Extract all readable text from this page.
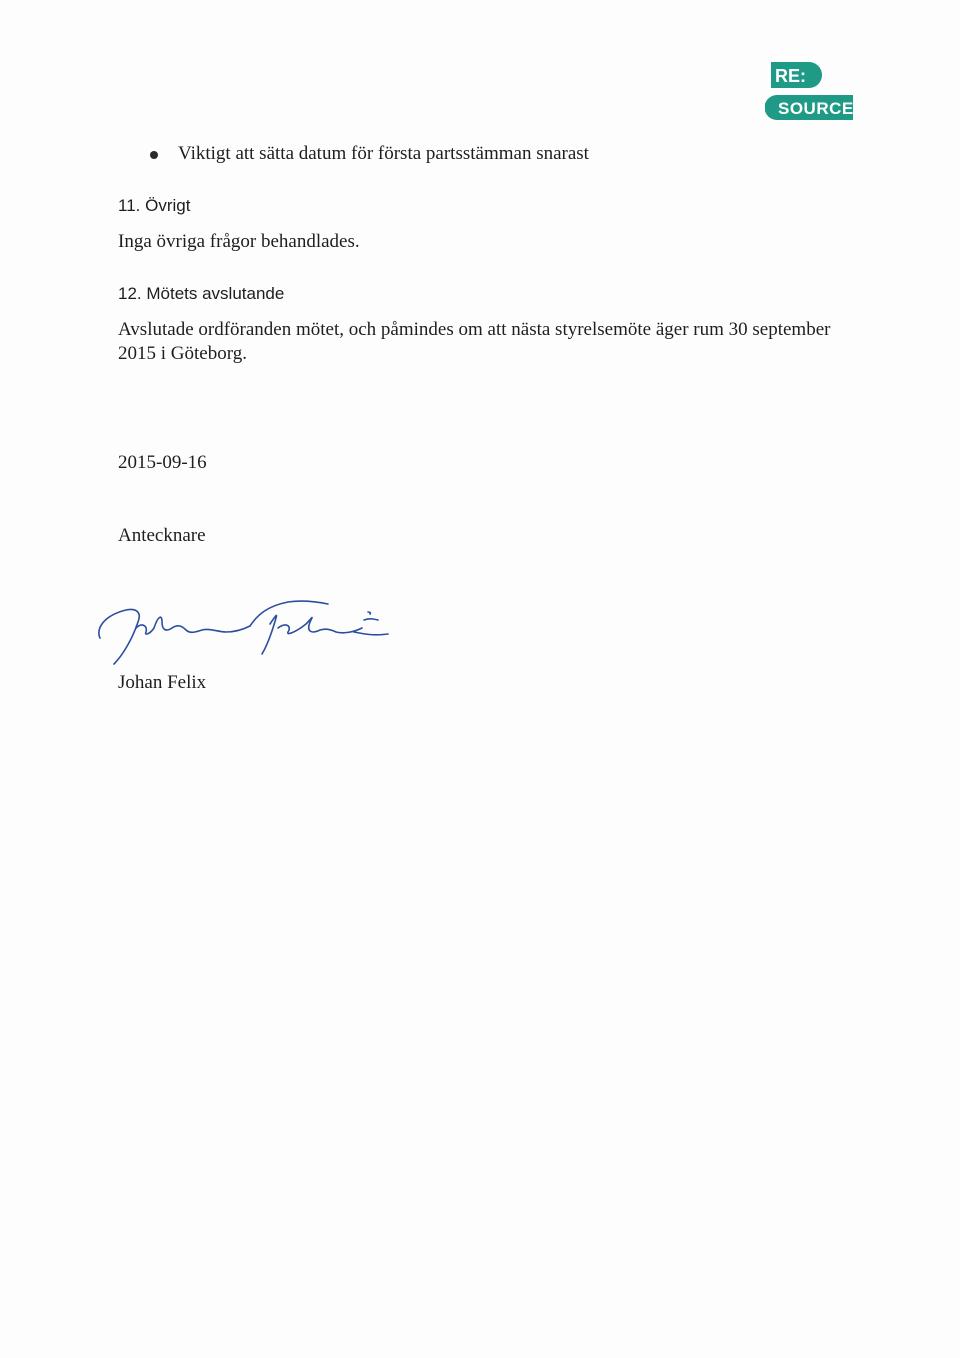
RE:
SOURCE
Viktigt att sätta datum för första partsstämman snarast
11. Övrigt
Inga övriga frågor behandlades.
12. Mötets avslutande
Avslutade ordföranden mötet, och påmindes om att nästa styrelsemöte äger rum 30 september 2015 i Göteborg.
2015-09-16
Antecknare
Johan Felix
